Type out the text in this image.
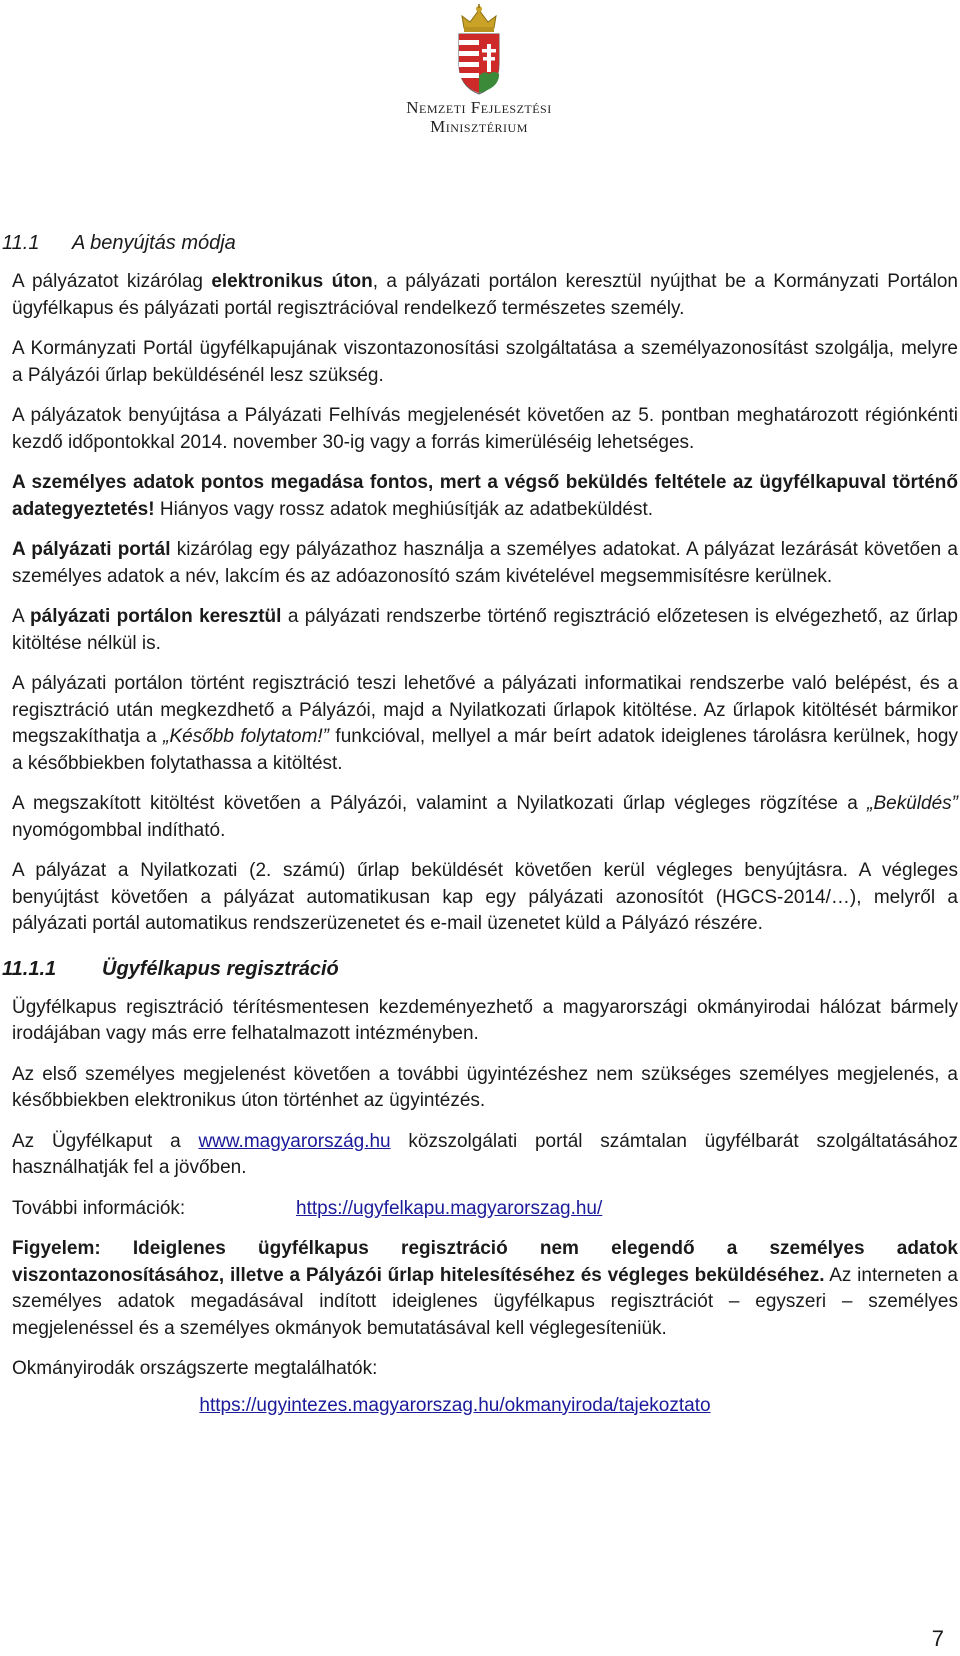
Nemzeti Fejlesztési
Minisztérium
11.1 A benyújtás módja

A pályázatot kizárólag elektronikus úton, a pályázati portálon keresztül nyújthat be a Kormányzati Portálon ügyfélkapus és pályázati portál regisztrációval rendelkező természetes személy.

A Kormányzati Portál ügyfélkapujának viszontazonosítási szolgáltatása a személyazonosítást szolgálja, melyre a Pályázói űrlap beküldésénél lesz szükség.

A pályázatok benyújtása a Pályázati Felhívás megjelenését követően az 5. pontban meghatározott régiónkénti kezdő időpontokkal 2014. november 30-ig vagy a forrás kimerüléséig lehetséges.

A személyes adatok pontos megadása fontos, mert a végső beküldés feltétele az ügyfélkapuval történő adategyeztetés! Hiányos vagy rossz adatok meghiúsítják az adatbeküldést.

A pályázati portál kizárólag egy pályázathoz használja a személyes adatokat. A pályázat lezárását követően a személyes adatok a név, lakcím és az adóazonosító szám kivételével megsemmisítésre kerülnek.

A pályázati portálon keresztül a pályázati rendszerbe történő regisztráció előzetesen is elvégezhető, az űrlap kitöltése nélkül is.

A pályázati portálon történt regisztráció teszi lehetővé a pályázati informatikai rendszerbe való belépést, és a regisztráció után megkezdhető a Pályázói, majd a Nyilatkozati űrlapok kitöltése. Az űrlapok kitöltését bármikor megszakíthatja a „Később folytatom!” funkcióval, mellyel a már beírt adatok ideiglenes tárolásra kerülnek, hogy a későbbiekben folytathassa a kitöltést.

A megszakított kitöltést követően a Pályázói, valamint a Nyilatkozati űrlap végleges rögzítése a „Beküldés” nyomógombbal indítható.

A pályázat a Nyilatkozati (2. számú) űrlap beküldését követően kerül végleges benyújtásra. A végleges benyújtást követően a pályázat automatikusan kap egy pályázati azonosítót (HGCS-2014/…), melyről a pályázati portál automatikus rendszerüzenetet és e-mail üzenetet küld a Pályázó részére.

11.1.1 Ügyfélkapus regisztráció

Ügyfélkapus regisztráció térítésmentesen kezdeményezhető a magyarországi okmányirodai hálózat bármely irodájában vagy más erre felhatalmazott intézményben.

Az első személyes megjelenést követően a további ügyintézéshez nem szükséges személyes megjelenés, a későbbiekben elektronikus úton történhet az ügyintézés.

Az Ügyfélkaput a www.magyarország.hu közszolgálati portál számtalan ügyfélbarát szolgáltatásához használhatják fel a jövőben.

További információk:	https://ugyfelkapu.magyarorszag.hu/

Figyelem: Ideiglenes ügyfélkapus regisztráció nem elegendő a személyes adatok viszontazonosításához, illetve a Pályázói űrlap hitelesítéséhez és végleges beküldéséhez. Az interneten a személyes adatok megadásával indított ideiglenes ügyfélkapus regisztrációt – egyszeri – személyes megjelenéssel és a személyes okmányok bemutatásával kell véglegesíteniük.

Okmányirodák országszerte megtalálhatók:

https://ugyintezes.magyarorszag.hu/okmanyiroda/tajekoztato
7
